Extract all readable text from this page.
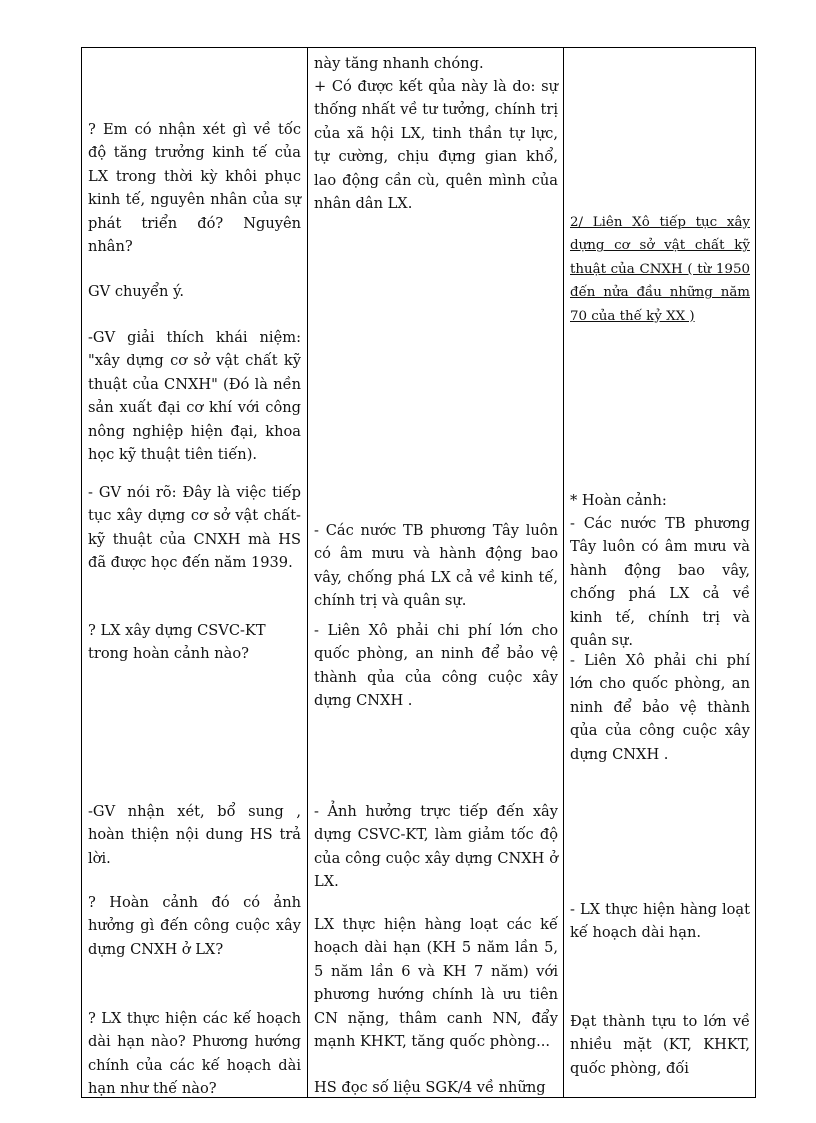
? Em có nhận xét gì về tốc độ tăng trưởng kinh tế của LX trong thời kỳ khôi phục kinh tế, nguyên nhân của sự phát triển đó? Nguyên nhân?
GV chuyển ý.
-GV giải thích khái niệm: "xây dựng cơ sở vật chất kỹ thuật của CNXH" (Đó là nền sản xuất đại cơ khí với công nông nghiệp hiện đại, khoa học kỹ thuật tiên tiến).
- GV nói rõ: Đây là việc tiếp tục xây dựng cơ sở vật chất- kỹ thuật của CNXH mà HS đã được học đến năm 1939.
? LX xây dựng CSVC-KT trong hoàn cảnh nào?
-GV nhận xét, bổ sung , hoàn thiện nội dung HS trả lời.
? Hoàn cảnh đó có ảnh hưởng gì đến công cuộc xây dựng CNXH ở LX?
? LX thực hiện các kế hoạch dài hạn nào? Phương hướng chính của các kế hoạch dài hạn như thế nào?
này tăng nhanh chóng.
+ Có được kết qủa này là do: sự thống nhất về tư tưởng, chính trị của xã hội LX, tinh thần tự lực, tự cường, chịu đựng gian khổ, lao động cần cù, quên mình của nhân dân LX.
- Các nước TB phương Tây luôn có âm mưu và hành động bao vây, chống phá LX cả về kinh tế, chính trị và quân sự.
- Liên Xô phải chi phí lớn cho quốc phòng, an ninh để bảo vệ thành qủa của công cuộc xây dựng CNXH .
- Ảnh hưởng trực tiếp đến xây dựng CSVC-KT, làm giảm tốc độ của công cuộc xây dựng CNXH ở LX.
LX thực hiện hàng loạt các kế hoạch dài hạn (KH 5 năm lần 5, 5 năm lần 6 và KH 7 năm) với phương hướng chính là ưu tiên CN nặng, thâm canh NN, đẩy mạnh KHKT, tăng quốc phòng...
HS đọc số liệu SGK/4 về những
2/ Liên Xô tiếp tục xây dựng cơ sở vật chất kỹ thuật của CNXH ( từ 1950 đến nửa đầu những năm 70 của thế kỷ XX )
* Hoàn cảnh:
- Các nước TB phương Tây luôn có âm mưu và hành động bao vây, chống phá LX cả về kinh tế, chính trị và quân sự.
- Liên Xô phải chi phí lớn cho quốc phòng, an ninh để bảo vệ thành qủa của công cuộc xây dựng CNXH .
- LX thực hiện hàng loạt kế hoạch dài hạn.
Đạt thành tựu to lớn về nhiều mặt (KT, KHKT, quốc phòng, đối
